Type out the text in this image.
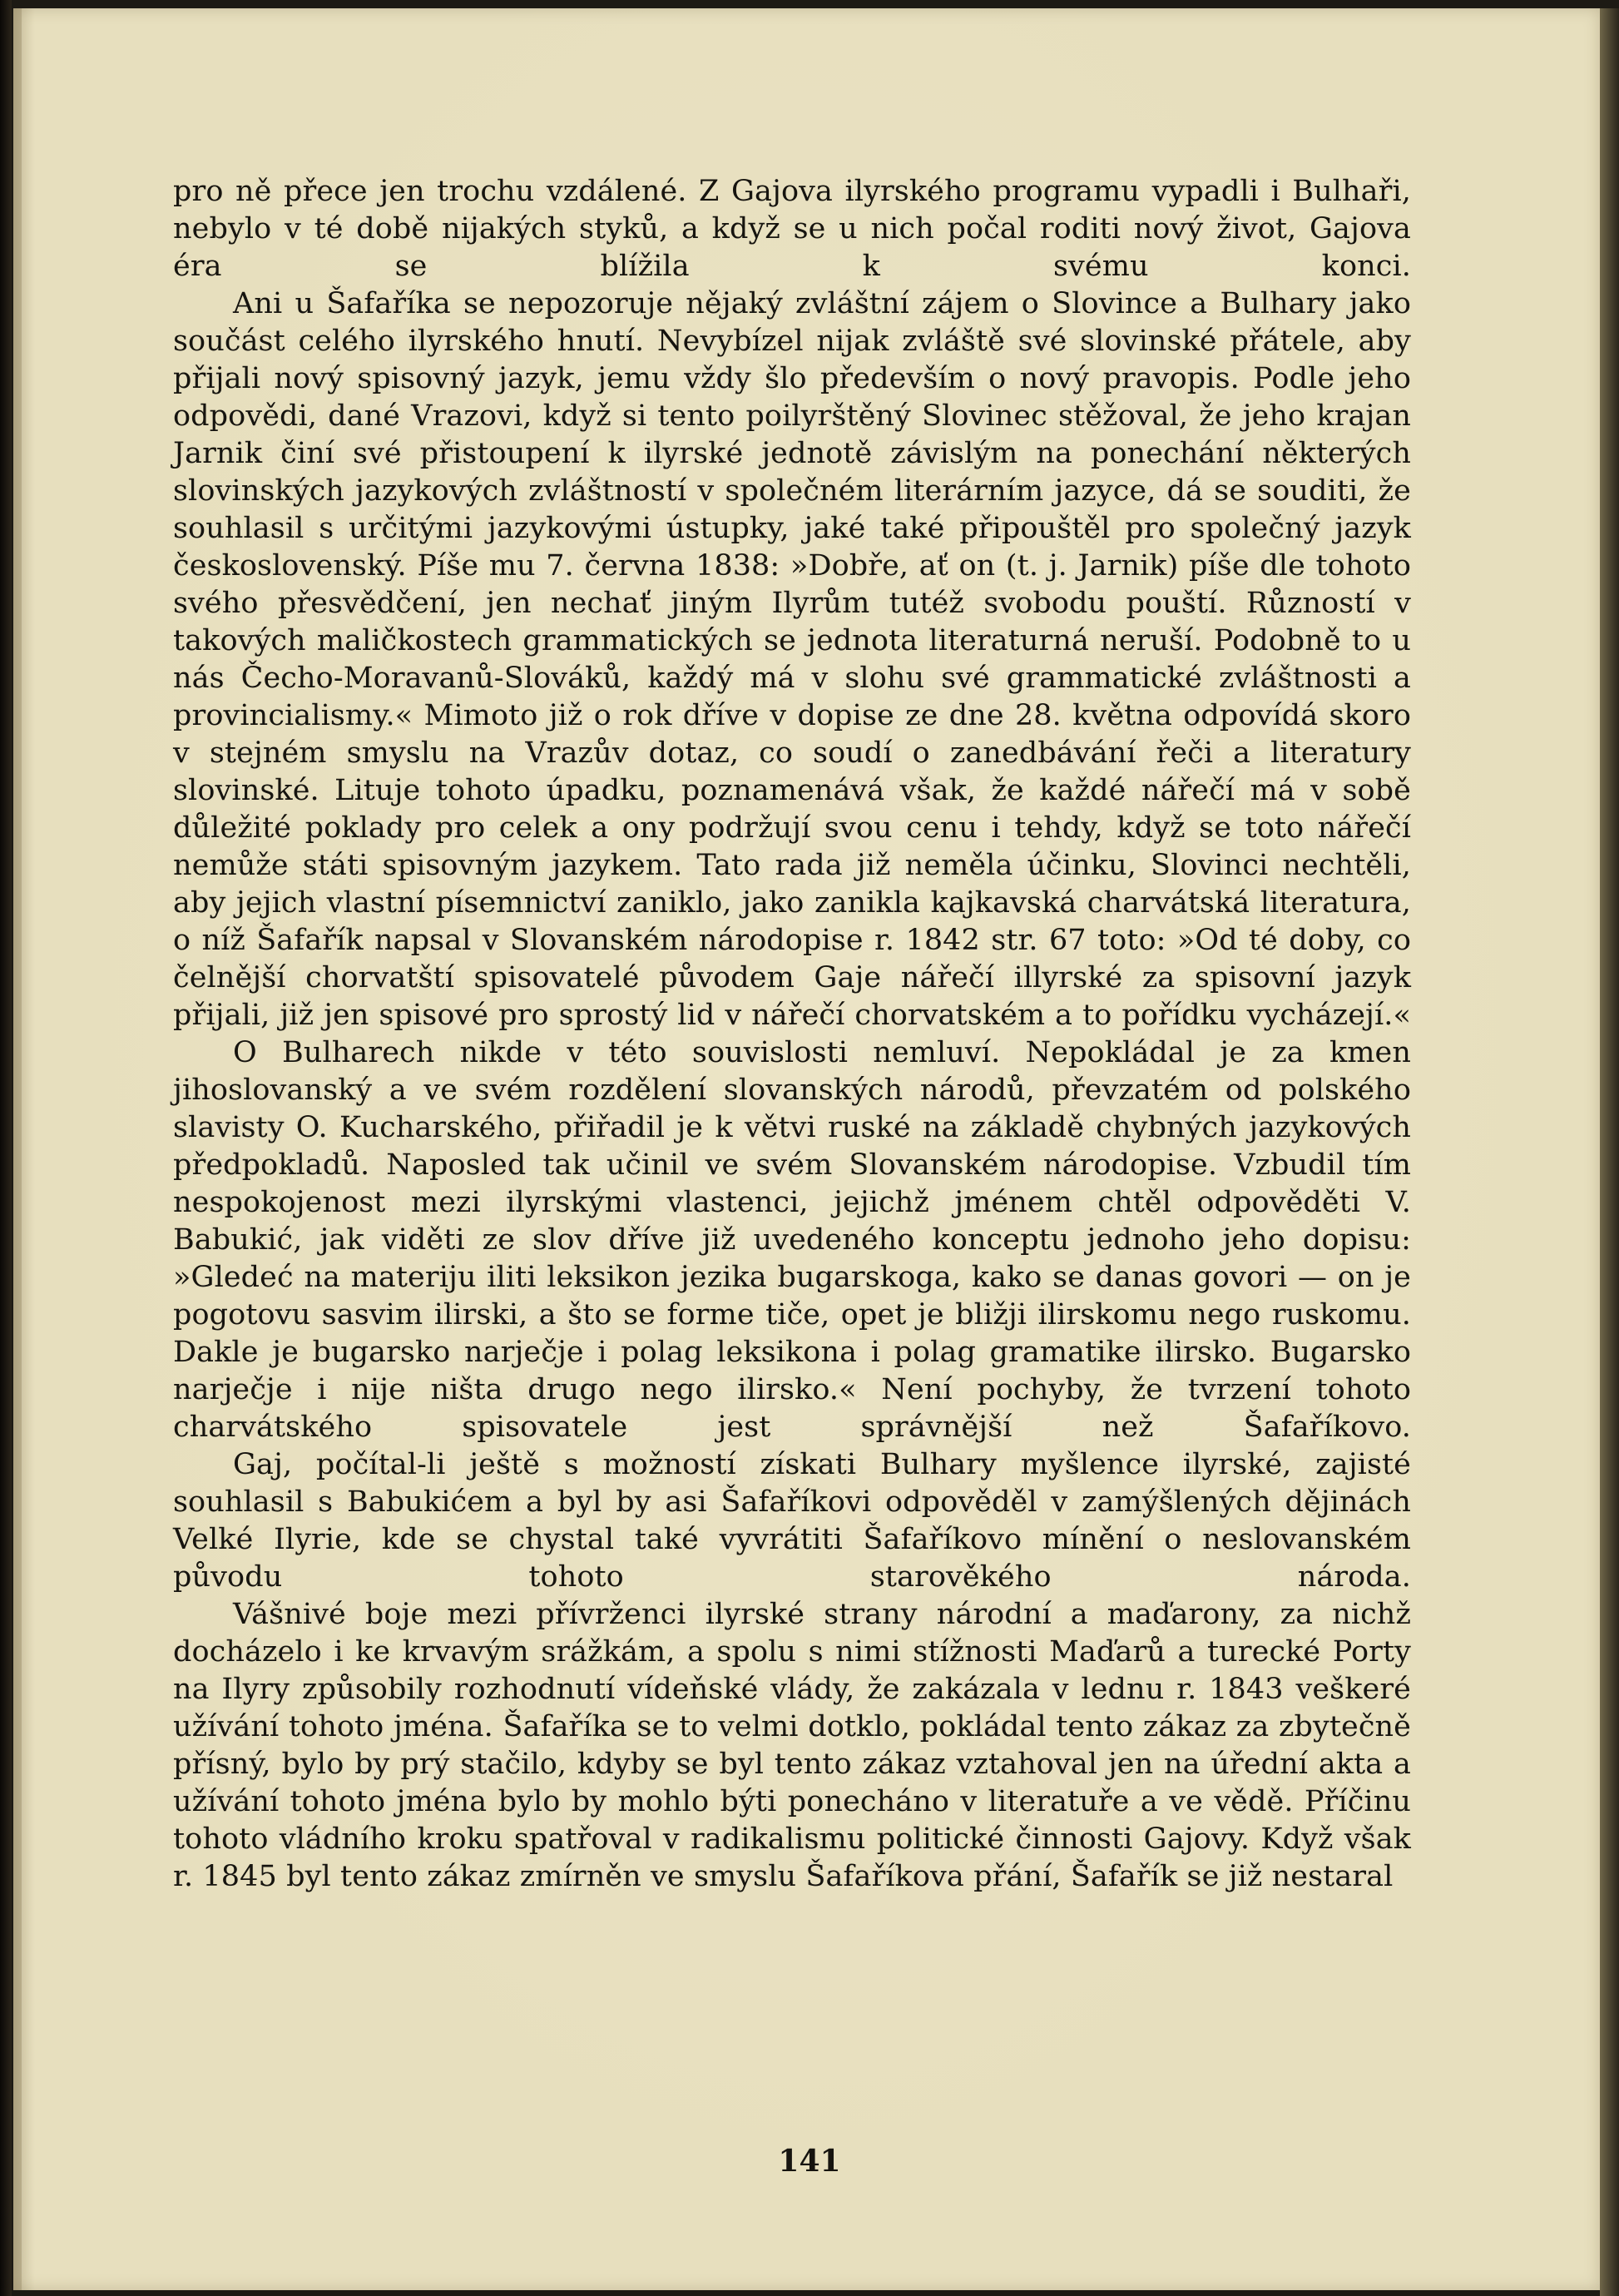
pro ně přece jen trochu vzdálené. Z Gajova ilyrského programu vypadli i Bulhaři, nebylo v té době nijakých styků, a když se u nich počal roditi nový život, Gajova éra se blížila k svému konci.

Ani u Šafaříka se nepozoruje nějaký zvláštní zájem o Slovince a Bulhary jako součást celého ilyrského hnutí. Nevybízel nijak zvláště své slovinské přátele, aby přijali nový spisovný jazyk, jemu vždy šlo především o nový pravopis. Podle jeho odpovědi, dané Vrazovi, když si tento poilyrštěný Slovinec stěžoval, že jeho krajan Jarnik činí své přistoupení k ilyrské jednotě závislým na ponechání některých slovinských jazykových zvláštností v společném literárním jazyce, dá se souditi, že souhlasil s určitými jazykovými ústupky, jaké také připouštěl pro společný jazyk československý. Píše mu 7. června 1838: »Dobře, ať on (t. j. Jarnik) píše dle tohoto svého přesvědčení, jen nechať jiným Ilyrům tutéž svobodu pouští. Růzností v takových maličkostech grammatických se jednota literaturná neruší. Podobně to u nás Čecho-Moravanů-Slováků, každý má v slohu své grammatické zvláštnosti a provincialismy.« Mimoto již o rok dříve v dopise ze dne 28. května odpovídá skoro v stejném smyslu na Vrazův dotaz, co soudí o zanedbávání řeči a literatury slovinské. Lituje tohoto úpadku, poznamenává však, že každé nářečí má v sobě důležité poklady pro celek a ony podržují svou cenu i tehdy, když se toto nářečí nemůže státi spisovným jazykem. Tato rada již neměla účinku, Slovinci nechtěli, aby jejich vlastní písemnictví zaniklo, jako zanikla kajkavská charvátská literatura, o níž Šafařík napsal v Slovanském národopise r. 1842 str. 67 toto: »Od té doby, co čelnější chorvatští spisovatelé původem Gaje nářečí illyrské za spisovní jazyk přijali, již jen spisové pro sprostý lid v nářečí chorvatském a to pořídku vycházejí.«

O Bulharech nikde v této souvislosti nemluví. Nepokládal je za kmen jihoslovanský a ve svém rozdělení slovanských národů, převzatém od polského slavisty O. Kucharského, přiřadil je k větvi ruské na základě chybných jazykových předpokladů. Naposled tak učinil ve svém Slovanském národopise. Vzbudil tím nespokojenost mezi ilyrskými vlastenci, jejichž jménem chtěl odpověděti V. Babukić, jak viděti ze slov dříve již uvedeného konceptu jednoho jeho dopisu: »Gledeć na materiju iliti leksikon jezika bugarskoga, kako se danas govori — on je pogotovu sasvim ilirski, a što se forme tiče, opet je bližji ilirskomu nego ruskomu. Dakle je bugarsko narječje i polag leksikona i polag gramatike ilirsko. Bugarsko narječje i nije ništa drugo nego ilirsko.« Není pochyby, že tvrzení tohoto charvátského spisovatele jest správnější než Šafaříkovo.

Gaj, počítal-li ještě s možností získati Bulhary myšlence ilyrské, zajisté souhlasil s Babukićem a byl by asi Šafaříkovi odpověděl v zamýšlených dějinách Velké Ilyrie, kde se chystal také vyvrátiti Šafaříkovo mínění o neslovanském původu tohoto starověkého národa.

Vášnivé boje mezi přívrženci ilyrské strany národní a maďarony, za nichž docházelo i ke krvavým srážkám, a spolu s nimi stížnosti Maďarů a turecké Porty na Ilyry způsobily rozhodnutí vídeňské vlády, že zakázala v lednu r. 1843 veškeré užívání tohoto jména. Šafaříka se to velmi dotklo, pokládal tento zákaz za zbytečně přísný, bylo by prý stačilo, kdyby se byl tento zákaz vztahoval jen na úřední akta a užívání tohoto jména bylo by mohlo býti ponecháno v literatuře a ve vědě. Příčinu tohoto vládního kroku spatřoval v radikalismu politické činnosti Gajovy. Když však r. 1845 byl tento zákaz zmírněn ve smyslu Šafaříkova přání, Šafařík se již nestaral

141
